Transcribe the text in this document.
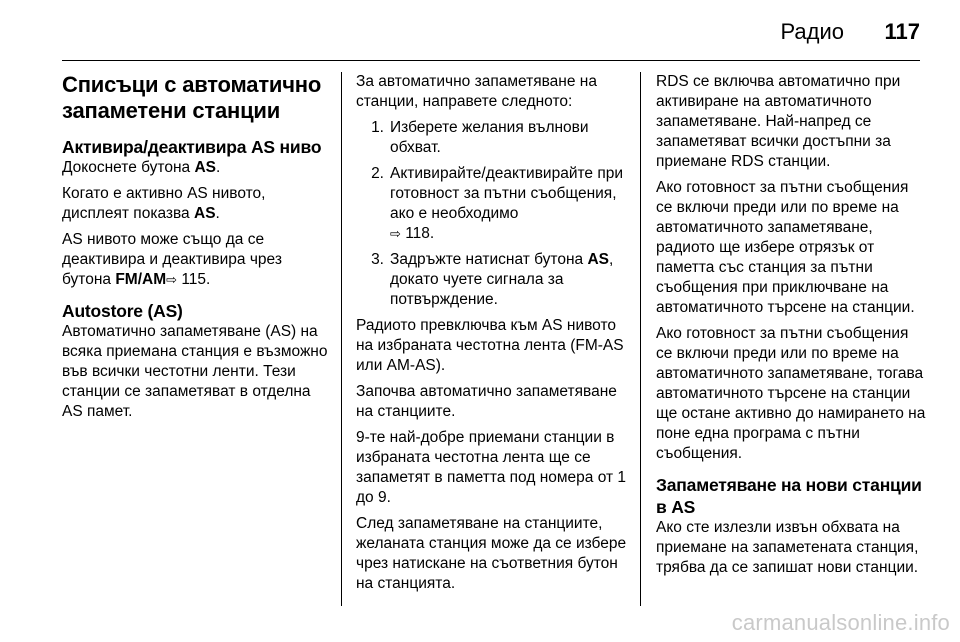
Радио 117
Списъци с автоматично запаметени станции
Активира/деактивира AS ниво

Докоснете бутона AS.

Когато е активно AS нивото, дисплеят показва AS.

AS нивото може също да се деактивира и деактивира чрез бутона FM/AM⇨ 115.

Autostore (AS)

Автоматично запаметяване (AS) на всяка приемана станция е възможно във всички честотни ленти. Тези станции се запаметяват в отделна AS памет.

За автоматично запаметяване на станции, направете следното:

1. Изберете желания вълнови обхват.
2. Активирайте/деактивирайте при готовност за пътни съобщения, ако е необходимо
⇨ 118.
3. Задръжте натиснат бутона AS, докато чуете сигнала за потвърждение.

Радиото превключва към AS нивото на избраната честотна лента (FM-AS или AM-AS).

Започва автоматично запаметяване на станциите.

9-те най-добре приемани станции в избраната честотна лента ще се запаметят в паметта под номера от 1 до 9.

След запаметяване на станциите, желаната станция може да се избере чрез натискане на съответния бутон на станцията.

RDS се включва автоматично при активиране на автоматичното запаметяване. Най-напред се запаметяват всички достъпни за приемане RDS станции.

Ако готовност за пътни съобщения се включи преди или по време на автоматичното запаметяване, радиото ще избере отрязък от паметта със станция за пътни съобщения при приключване на автоматичното търсене на станции.

Ако готовност за пътни съобщения се включи преди или по време на автоматичното запаметяване, тогава автоматичното търсене на станции ще остане активно до намирането на поне една програма с пътни съобщения.

Запаметяване на нови станции в AS

Ако сте излезли извън обхвата на приемане на запаметената станция, трябва да се запишат нови станции.

carmanualsonline.info
